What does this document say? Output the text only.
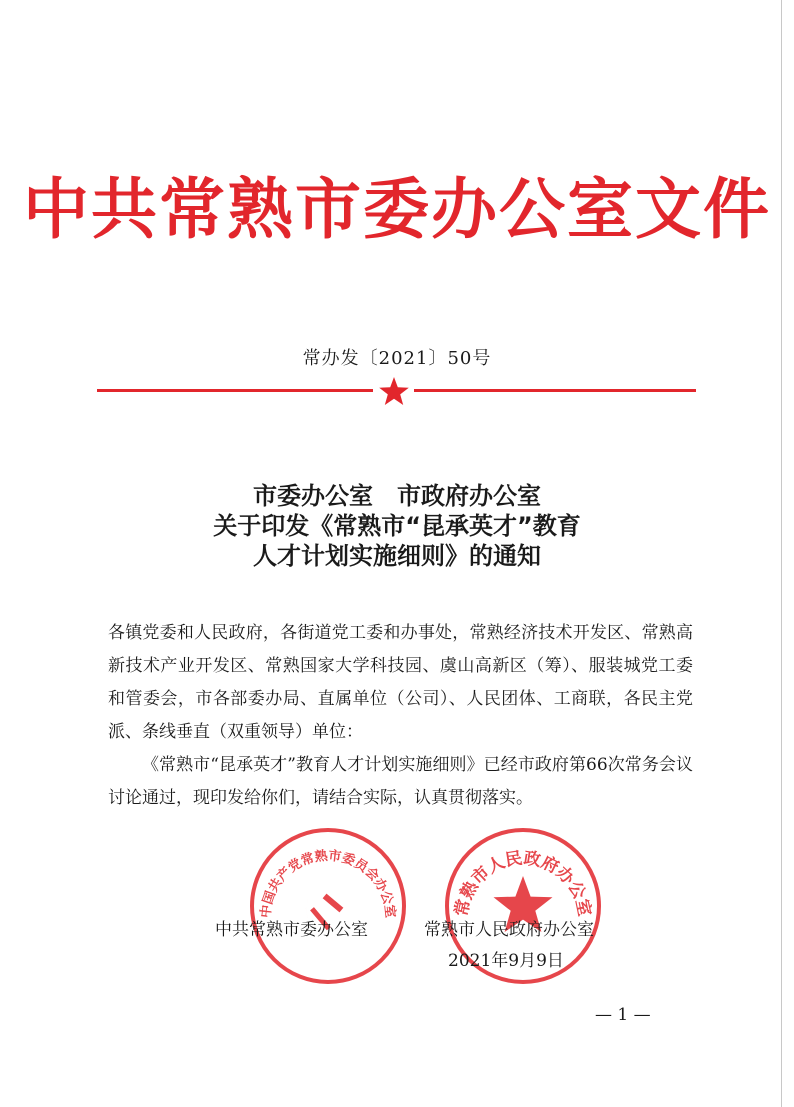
中共常熟市委办公室文件
常办发〔2021〕50号
市委办公室　市政府办公室
关于印发《常熟市“昆承英才”教育
人才计划实施细则》的通知

各镇党委和人民政府，各街道党工委和办事处，常熟经济技术开发区、常熟高新技术产业开发区、常熟国家大学科技园、虞山高新区（筹）、服装城党工委和管委会，市各部委办局、直属单位（公司）、人民团体、工商联，各民主党派、条线垂直（双重领导）单位：

《常熟市“昆承英才”教育人才计划实施细则》已经市政府第66次常务会议讨论通过，现印发给你们，请结合实际，认真贯彻落实。

中国共产党常熟市委员会办公室	常熟市人民政府办公室
中共常熟市委办公室	常熟市人民政府办公室
2021年9月9日
— 1 —
